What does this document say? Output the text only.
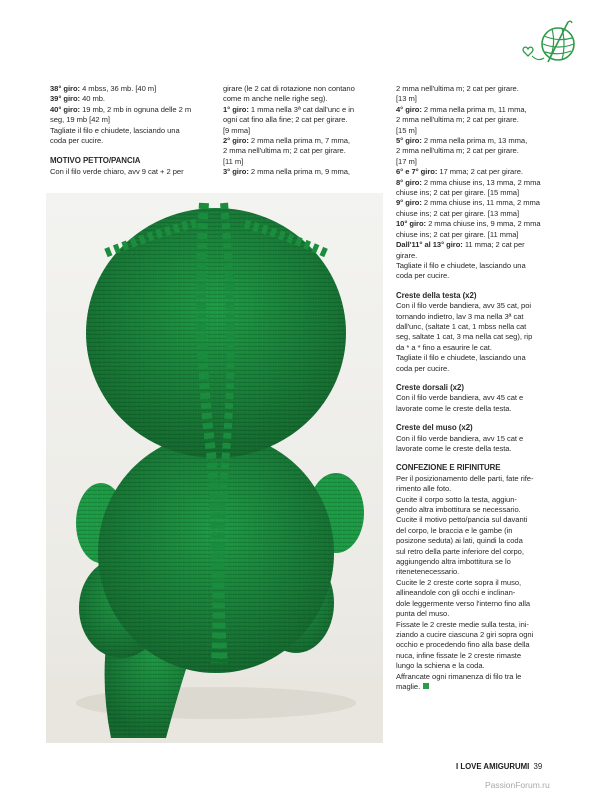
38° giro: 4 mbss, 36 mb. [40 m]

39° giro: 40 mb.

40° giro: 19 mb, 2 mb in ognuna delle 2 m

seg, 19 mb [42 m]

Tagliate il filo e chiudete, lasciando una

coda per cucire.

MOTIVO PETTO/PANCIA

Con il filo verde chiaro, avv 9 cat + 2 per

girare (le 2 cat di rotazione non contano

come m anche nelle righe seg).

1° giro: 1 mma nella 3ª cat dall'unc e in

ogni cat fino alla fine; 2 cat per girare.

[9 mma]

2° giro: 2 mma nella prima m, 7 mma,

2 mma nell'ultima m; 2 cat per girare.

[11 m]

3° giro: 2 mma nella prima m, 9 mma,

2 mma nell'ultima m; 2 cat per girare.

[13 m]

4° giro: 2 mma nella prima m, 11 mma,

2 mma nell'ultima m; 2 cat per girare.

[15 m]

5° giro: 2 mma nella prima m, 13 mma,

2 mma nell'ultima m; 2 cat per girare.

[17 m]

6° e 7° giro: 17 mma; 2 cat per girare.

8° giro: 2 mma chiuse ins, 13 mma, 2 mma

chiuse ins; 2 cat per girare. [15 mma]

9° giro: 2 mma chiuse ins, 11 mma, 2 mma

chiuse ins; 2 cat per girare. [13 mma]

10° giro: 2 mma chiuse ins, 9 mma, 2 mma

chiuse ins; 2 cat per girare. [11 mma]

Dall'11° al 13° giro: 11 mma; 2 cat per

girare.

Tagliate il filo e chiudete, lasciando una

coda per cucire.

Creste della testa (x2)

Con il filo verde bandiera, avv 35 cat, poi

tornando indietro, lav 3 ma nella 3ª cat

dall'unc, (saltate 1 cat, 1 mbss nella cat

seg, saltate 1 cat, 3 ma nella cat seg), rip

da * a * fino a esaurire le cat.

Tagliate il filo e chiudete, lasciando una

coda per cucire.

Creste dorsali (x2)

Con il filo verde bandiera, avv 45 cat e

lavorate come le creste della testa.

Creste del muso (x2)

Con il filo verde bandiera, avv 15 cat e

lavorate come le creste della testa.

CONFEZIONE E RIFINITURE

Per il posizionamento delle parti, fate rife-

rimento alle foto.

Cucite il corpo sotto la testa, aggiun-

gendo altra imbottitura se necessario.

Cucite il motivo petto/pancia sul davanti

del corpo, le braccia e le gambe (in

posizone seduta) ai lati, quindi la coda

sul retro della parte inferiore del corpo,

aggiungendo altra imbottitura se lo

ritenetenecessario.

Cucite le 2 creste corte sopra il muso,

allineandole con gli occhi e inclinan-

dole leggermente verso l'interno fino alla

punta del muso.

Fissate le 2 creste medie sulla testa, ini-

ziando a cucire ciascuna 2 giri sopra ogni

occhio e procedendo fino alla base della

nuca, infine fissate le 2 creste rimaste

lungo la schiena e la coda.

Affrancate ogni rimanenza di filo tra le

maglie.

I LOVE AMIGURUMI 39
PassionForum.ru
